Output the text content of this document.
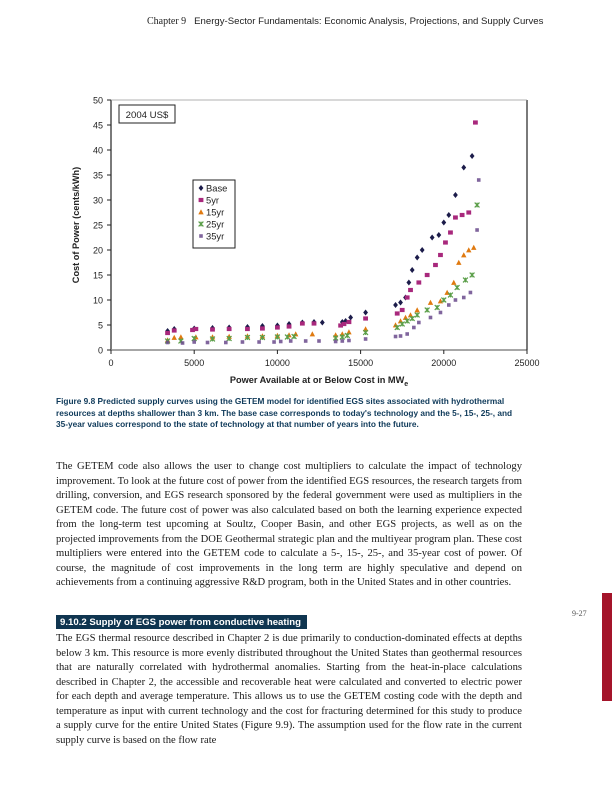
Chapter 9 Energy-Sector Fundamentals: Economic Analysis, Projections, and Supply Curves
0
5
10
15
20
25
30
35
40
45
50
0	5000	10000	15000	20000	25000
Power Available at or Below Cost in $MW_e$
Cost of Power (cents/kWh)
2004 US$
Base
5yr
15yr
25yr
35yr
Figure 9.8 Predicted supply curves using the GETEM model for identified EGS sites associated with hydrothermal resources at depths shallower than 3 km. The base case corresponds to today's technology and the 5-, 15-, 25-, and 35-year values correspond to the state of technology at that number of years into the future.

The GETEM code also allows the user to change cost multipliers to calculate the impact of technology improvement. To look at the future cost of power from the identified EGS resources, the research targets from drilling, conversion, and EGS research sponsored by the federal government were used as multipliers in the GETEM code. The future cost of power was also calculated based on both the learning experience expected from the long-term test upcoming at Soultz, Cooper Basin, and other EGS projects, as well as on the projected improvements from the DOE Geothermal strategic plan and the multiyear program plan. These cost multipliers were entered into the GETEM code to calculate a 5-, 15-, 25-, and 35-year cost of power. Of course, the magnitude of cost improvements in the long term are highly speculative and depend on achievements from a continuing aggressive R&D program, both in the United States and in other countries.

9.10.2 Supply of EGS power from conductive heating

The EGS thermal resource described in Chapter 2 is due primarily to conduction-dominated effects at depths below 3 km. This resource is more evenly distributed throughout the United States than geothermal resources that are naturally correlated with hydrothermal anomalies. Starting from the heat-in-place calculations described in Chapter 2, the accessible and recoverable heat were calculated and converted to electric power for each depth and average temperature. This allows us to use the GETEM costing code with the depth and temperature as input with current technology and the cost for fracturing determined for this study to produce a supply curve for the entire United States (Figure 9.9). The assumption used for the flow rate in the current supply curve is based on the flow rate

9-27
